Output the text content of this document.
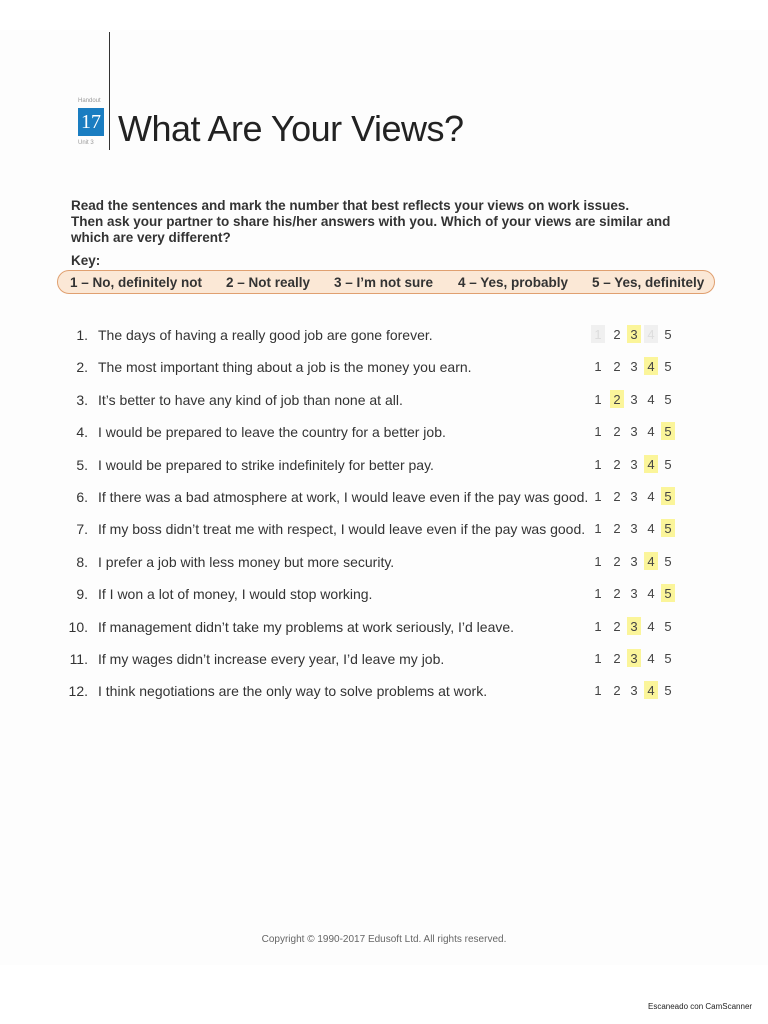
Handout
17
Unit 3 What Are Your Views?
Read the sentences and mark the number that best reflects your views on work issues.
Then ask your partner to share his/her answers with you. Which of your views are similar and
which are very different?
Key:
1 – No, definitely not 2 – Not really 3 – I’m not sure 4 – Yes, probably 5 – Yes, definitely
1. The days of having a really good job are gone forever.	1 2 3 4 5
2. The most important thing about a job is the money you earn.	1 2 3 4 5
3. It’s better to have any kind of job than none at all.	1 2 3 4 5
4. I would be prepared to leave the country for a better job.	1 2 3 4 5
5. I would be prepared to strike indefinitely for better pay.	1 2 3 4 5
6. If there was a bad atmosphere at work, I would leave even if the pay was good. 1 2 3 4 5
7. If my boss didn’t treat me with respect, I would leave even if the pay was good. 1 2 3 4 5
8. I prefer a job with less money but more security.	1 2 3 4 5
9. If I won a lot of money, I would stop working.	1 2 3 4 5
10. If management didn’t take my problems at work seriously, I’d leave.	1 2 3 4 5
11. If my wages didn’t increase every year, I’d leave my job.	1 2 3 4 5
12. I think negotiations are the only way to solve problems at work.	1 2 3 4 5
Copyright © 1990-2017 Edusoft Ltd. All rights reserved.
Escaneado con CamScanner
